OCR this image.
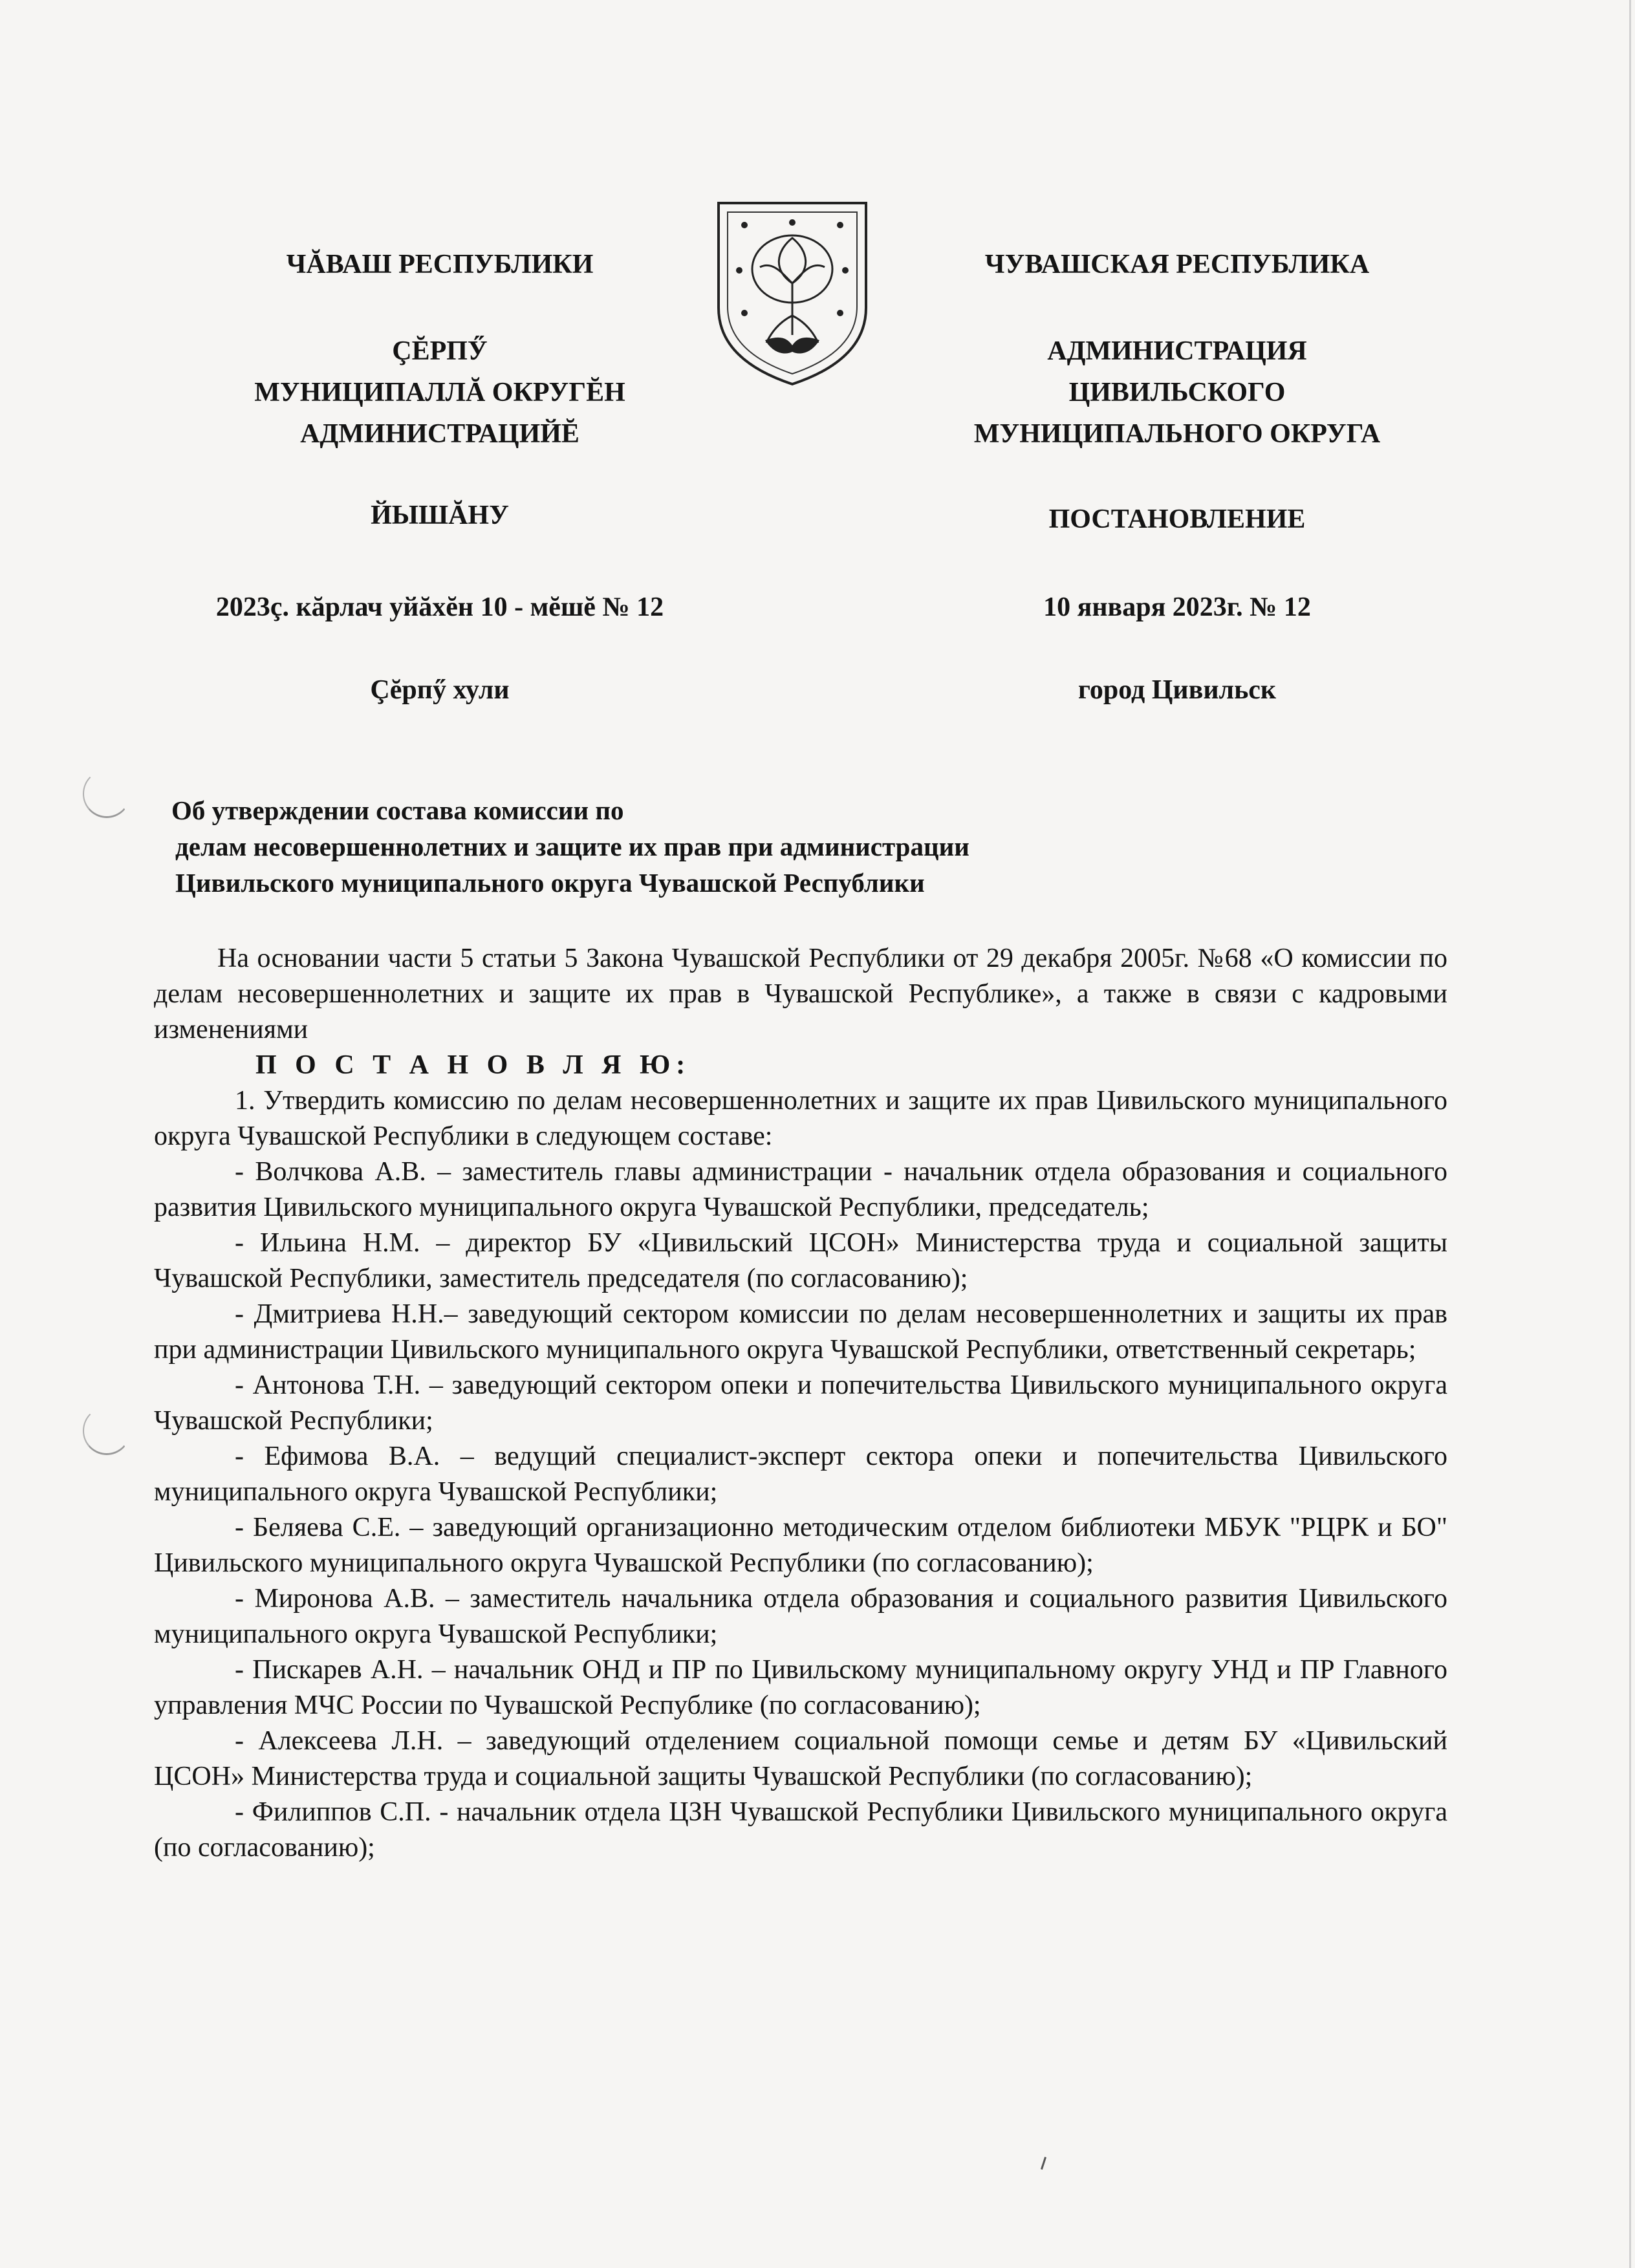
ЧĂВАШ РЕСПУБЛИКИ
ÇĔРПӲ
МУНИЦИПАЛЛĂ ОКРУГĔН
АДМИНИСТРАЦИЙĔ
ЙЫШĂНУ
2023ç. кăрлач уйăхĕн 10 - мĕшĕ № 12
Çĕрпӳ хули
ЧУВАШСКАЯ РЕСПУБЛИКА
АДМИНИСТРАЦИЯ
ЦИВИЛЬСКОГО
МУНИЦИПАЛЬНОГО ОКРУГА
ПОСТАНОВЛЕНИЕ
10 января 2023г. № 12
город Цивильск
Об утверждении состава комиссии по
делам несовершеннолетних и защите их прав при администрации
Цивильского муниципального округа Чувашской Республики
На основании части 5 статьи 5 Закона Чувашской Республики от 29 декабря 2005г. №68 «О комиссии по делам несовершеннолетних и защите их прав в Чувашской Республике», а также в связи с кадровыми изменениями
П О С Т А Н О В Л Я Ю:
1. Утвердить комиссию по делам несовершеннолетних и защите их прав Цивильского муниципального округа Чувашской Республики в следующем составе:
- Волчкова А.В. – заместитель главы администрации - начальник отдела образования и социального развития Цивильского муниципального округа Чувашской Республики, председатель;
- Ильина Н.М. – директор БУ «Цивильский ЦСОН» Министерства труда и социальной защиты Чувашской Республики, заместитель председателя (по согласованию);
- Дмитриева Н.Н.– заведующий сектором комиссии по делам несовершеннолетних и защиты их прав при администрации Цивильского муниципального округа Чувашской Республики, ответственный секретарь;
- Антонова Т.Н. – заведующий сектором опеки и попечительства Цивильского муниципального округа Чувашской Республики;
- Ефимова В.А. – ведущий специалист-эксперт сектора опеки и попечительства Цивильского муниципального округа Чувашской Республики;
- Беляева С.Е. – заведующий организационно методическим отделом библиотеки МБУК "РЦРК и БО" Цивильского муниципального округа Чувашской Республики (по согласованию);
- Миронова А.В. – заместитель начальника отдела образования и социального развития Цивильского муниципального округа Чувашской Республики;
- Пискарев А.Н. – начальник ОНД и ПР по Цивильскому муниципальному округу УНД и ПР Главного управления МЧС России по Чувашской Республике (по согласованию);
- Алексеева Л.Н. – заведующий отделением социальной помощи семье и детям БУ «Цивильский ЦСОН» Министерства труда и социальной защиты Чувашской Республики (по согласованию);
- Филиппов С.П. - начальник отдела ЦЗН Чувашской Республики Цивильского муниципального округа (по согласованию);
